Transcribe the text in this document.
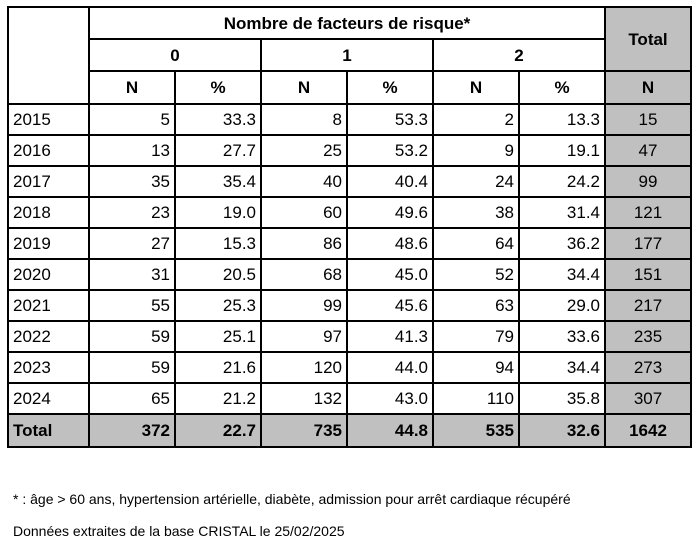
	Nombre de facteurs de risque*						Total
	0		1		2		
	N	%	N	%	N	%	N
2015	5	33.3	8	53.3	2	13.3	15
2016	13	27.7	25	53.2	9	19.1	47
2017	35	35.4	40	40.4	24	24.2	99
2018	23	19.0	60	49.6	38	31.4	121
2019	27	15.3	86	48.6	64	36.2	177
2020	31	20.5	68	45.0	52	34.4	151
2021	55	25.3	99	45.6	63	29.0	217
2022	59	25.1	97	41.3	79	33.6	235
2023	59	21.6	120	44.0	94	34.4	273
2024	65	21.2	132	43.0	110	35.8	307
Total	372	22.7	735	44.8	535	32.6	1642
* : âge > 60 ans, hypertension artérielle, diabète, admission pour arrêt cardiaque récupéré
Données extraites de la base CRISTAL le 25/02/2025
